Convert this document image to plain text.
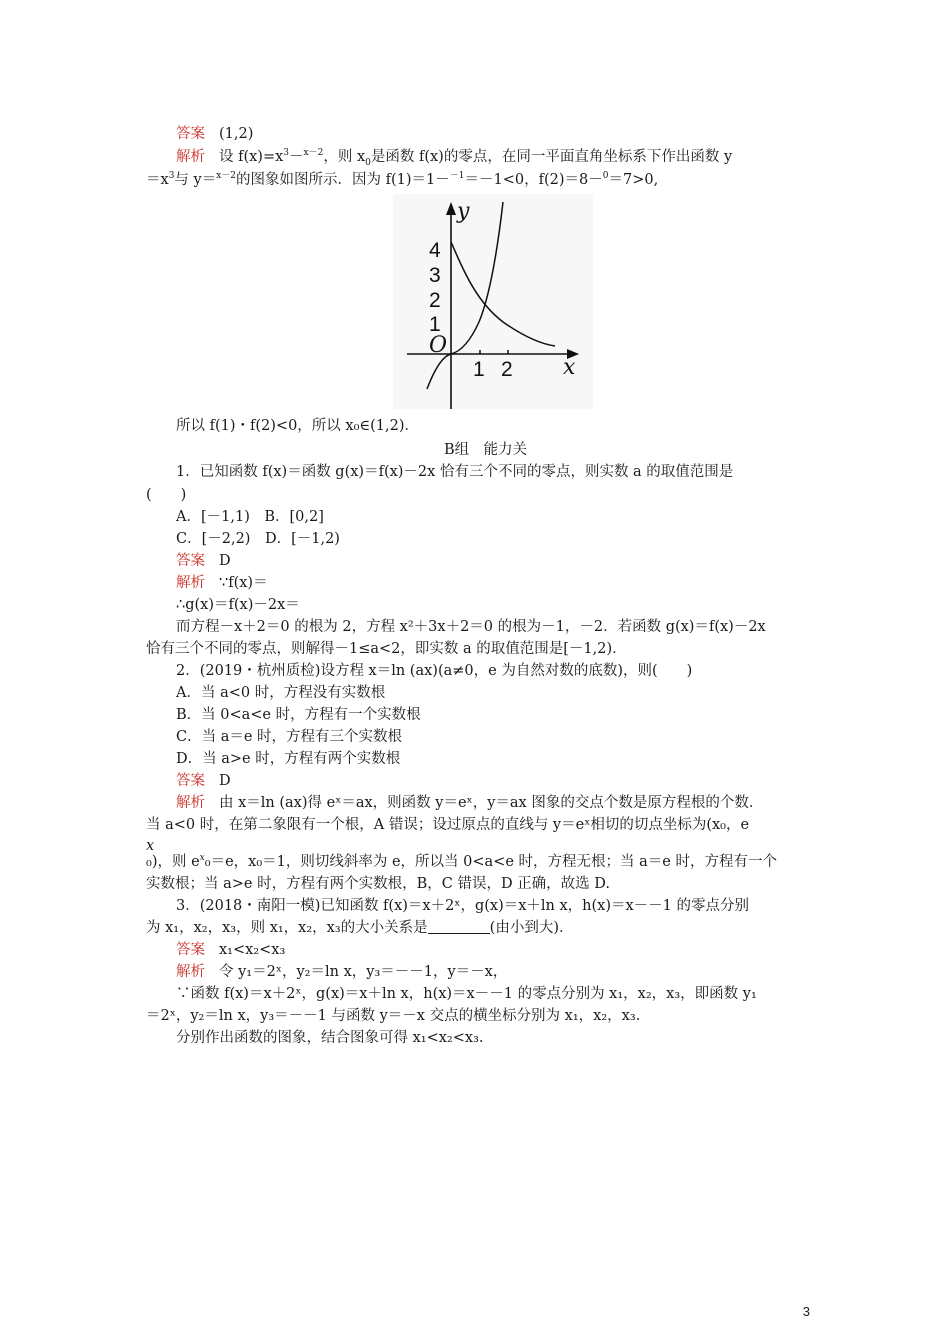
答案 (1,2)
解析 设 $f(x)=x^3-^{x-2}$，则 $x_0$是函数 f(x)的零点，在同一平面直角坐标系下作出函数 y
$=x^3$与 y＝$^{x-2}$的图象如图所示．因为 f(1)＝1－$^{-1}$＝－1<0，f(2)＝8－$^0$＝7>0,
y
x
O
4
3
2
1
1 2
所以 f(1)・f(2)<0，所以 x₀∈(1,2)．
B组　能力关
1．已知函数 f(x)＝函数 g(x)＝f(x)－2x 恰有三个不同的零点，则实数 a 的取值范围是
(　　)
A．[－1,1)　B．[0,2]
C．[－2,2)　D．[－1,2)
答案 D
解析 ∵f(x)＝
∴g(x)＝f(x)－2x＝
而方程－x＋2＝0 的根为 2，方程 x²＋3x＋2＝0 的根为－1，－2．若函数 g(x)＝f(x)－2x
恰有三个不同的零点，则解得－1≤a<2，即实数 a 的取值范围是[－1,2)．
2．(2019・杭州质检)设方程 x＝ln (ax)(a≠0，e 为自然对数的底数)，则(　　)
A．当 a<0 时，方程没有实数根
B．当 0<a<e 时，方程有一个实数根
C．当 a＝e 时，方程有三个实数根
D．当 a>e 时，方程有两个实数根
答案 D
解析 由 x＝ln (ax)得 eˣ＝ax，则函数 y＝eˣ，y＝ax 图象的交点个数是原方程根的个数．
当 a<0 时，在第二象限有一个根，A 错误；设过原点的直线与 y＝eˣ相切的切点坐标为(x₀，e
x
₀)，则 $e^x_0=e$，x₀＝1，则切线斜率为 e，所以当 0<a<e 时，方程无根；当 a＝e 时，方程有一个
实数根；当 a>e 时，方程有两个实数根，B，C 错误，D 正确，故选 D.
3．(2018・南阳一模)已知函数 f(x)＝x＋2ˣ，g(x)＝x＋ln x，h(x)＝x－－1 的零点分别
为 x₁，x₂，x₃，则 x₁，x₂，x₃的大小关系是	(由小到大)．
答案 x₁<x₂<x₃
解析 令 y₁＝2ˣ，y₂＝ln x，y₃＝－－1，y＝－x，
∵函数 f(x)＝x＋2ˣ，g(x)＝x＋ln x，h(x)＝x－－1 的零点分别为 x₁，x₂，x₃，即函数 y₁
＝2ˣ，y₂＝ln x，y₃＝－－1 与函数 y＝－x 交点的横坐标分别为 x₁，x₂，x₃.
分别作出函数的图象，结合图象可得 x₁<x₂<x₃.
3
